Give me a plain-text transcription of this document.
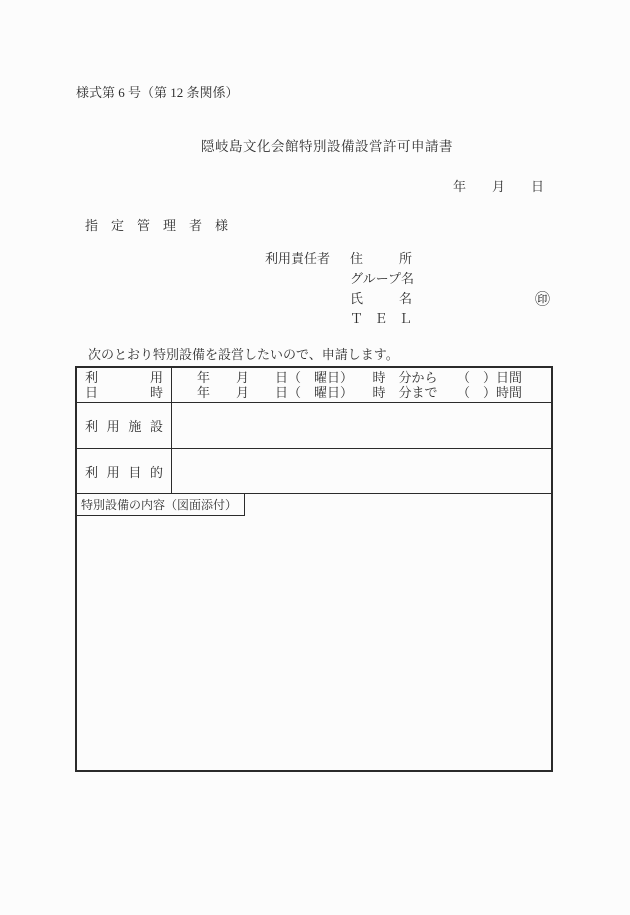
様式第 6 号（第 12 条関係）
隠岐島文化会館特別設備設営許可申請書
年　　月　　日
指　定　管　理　者　様
利用責任者	住所
グループ名
氏名
ＴＥＬ
㊞
次のとおり特別設備を設営したいので、申請します。
利用
日時
年　　月　　日（　曜日）　　時　分から　　（　）日間
年　　月　　日（　曜日）　　時　分まで　　（　）時間
利用施設
利用目的
特別設備の内容（図面添付）
